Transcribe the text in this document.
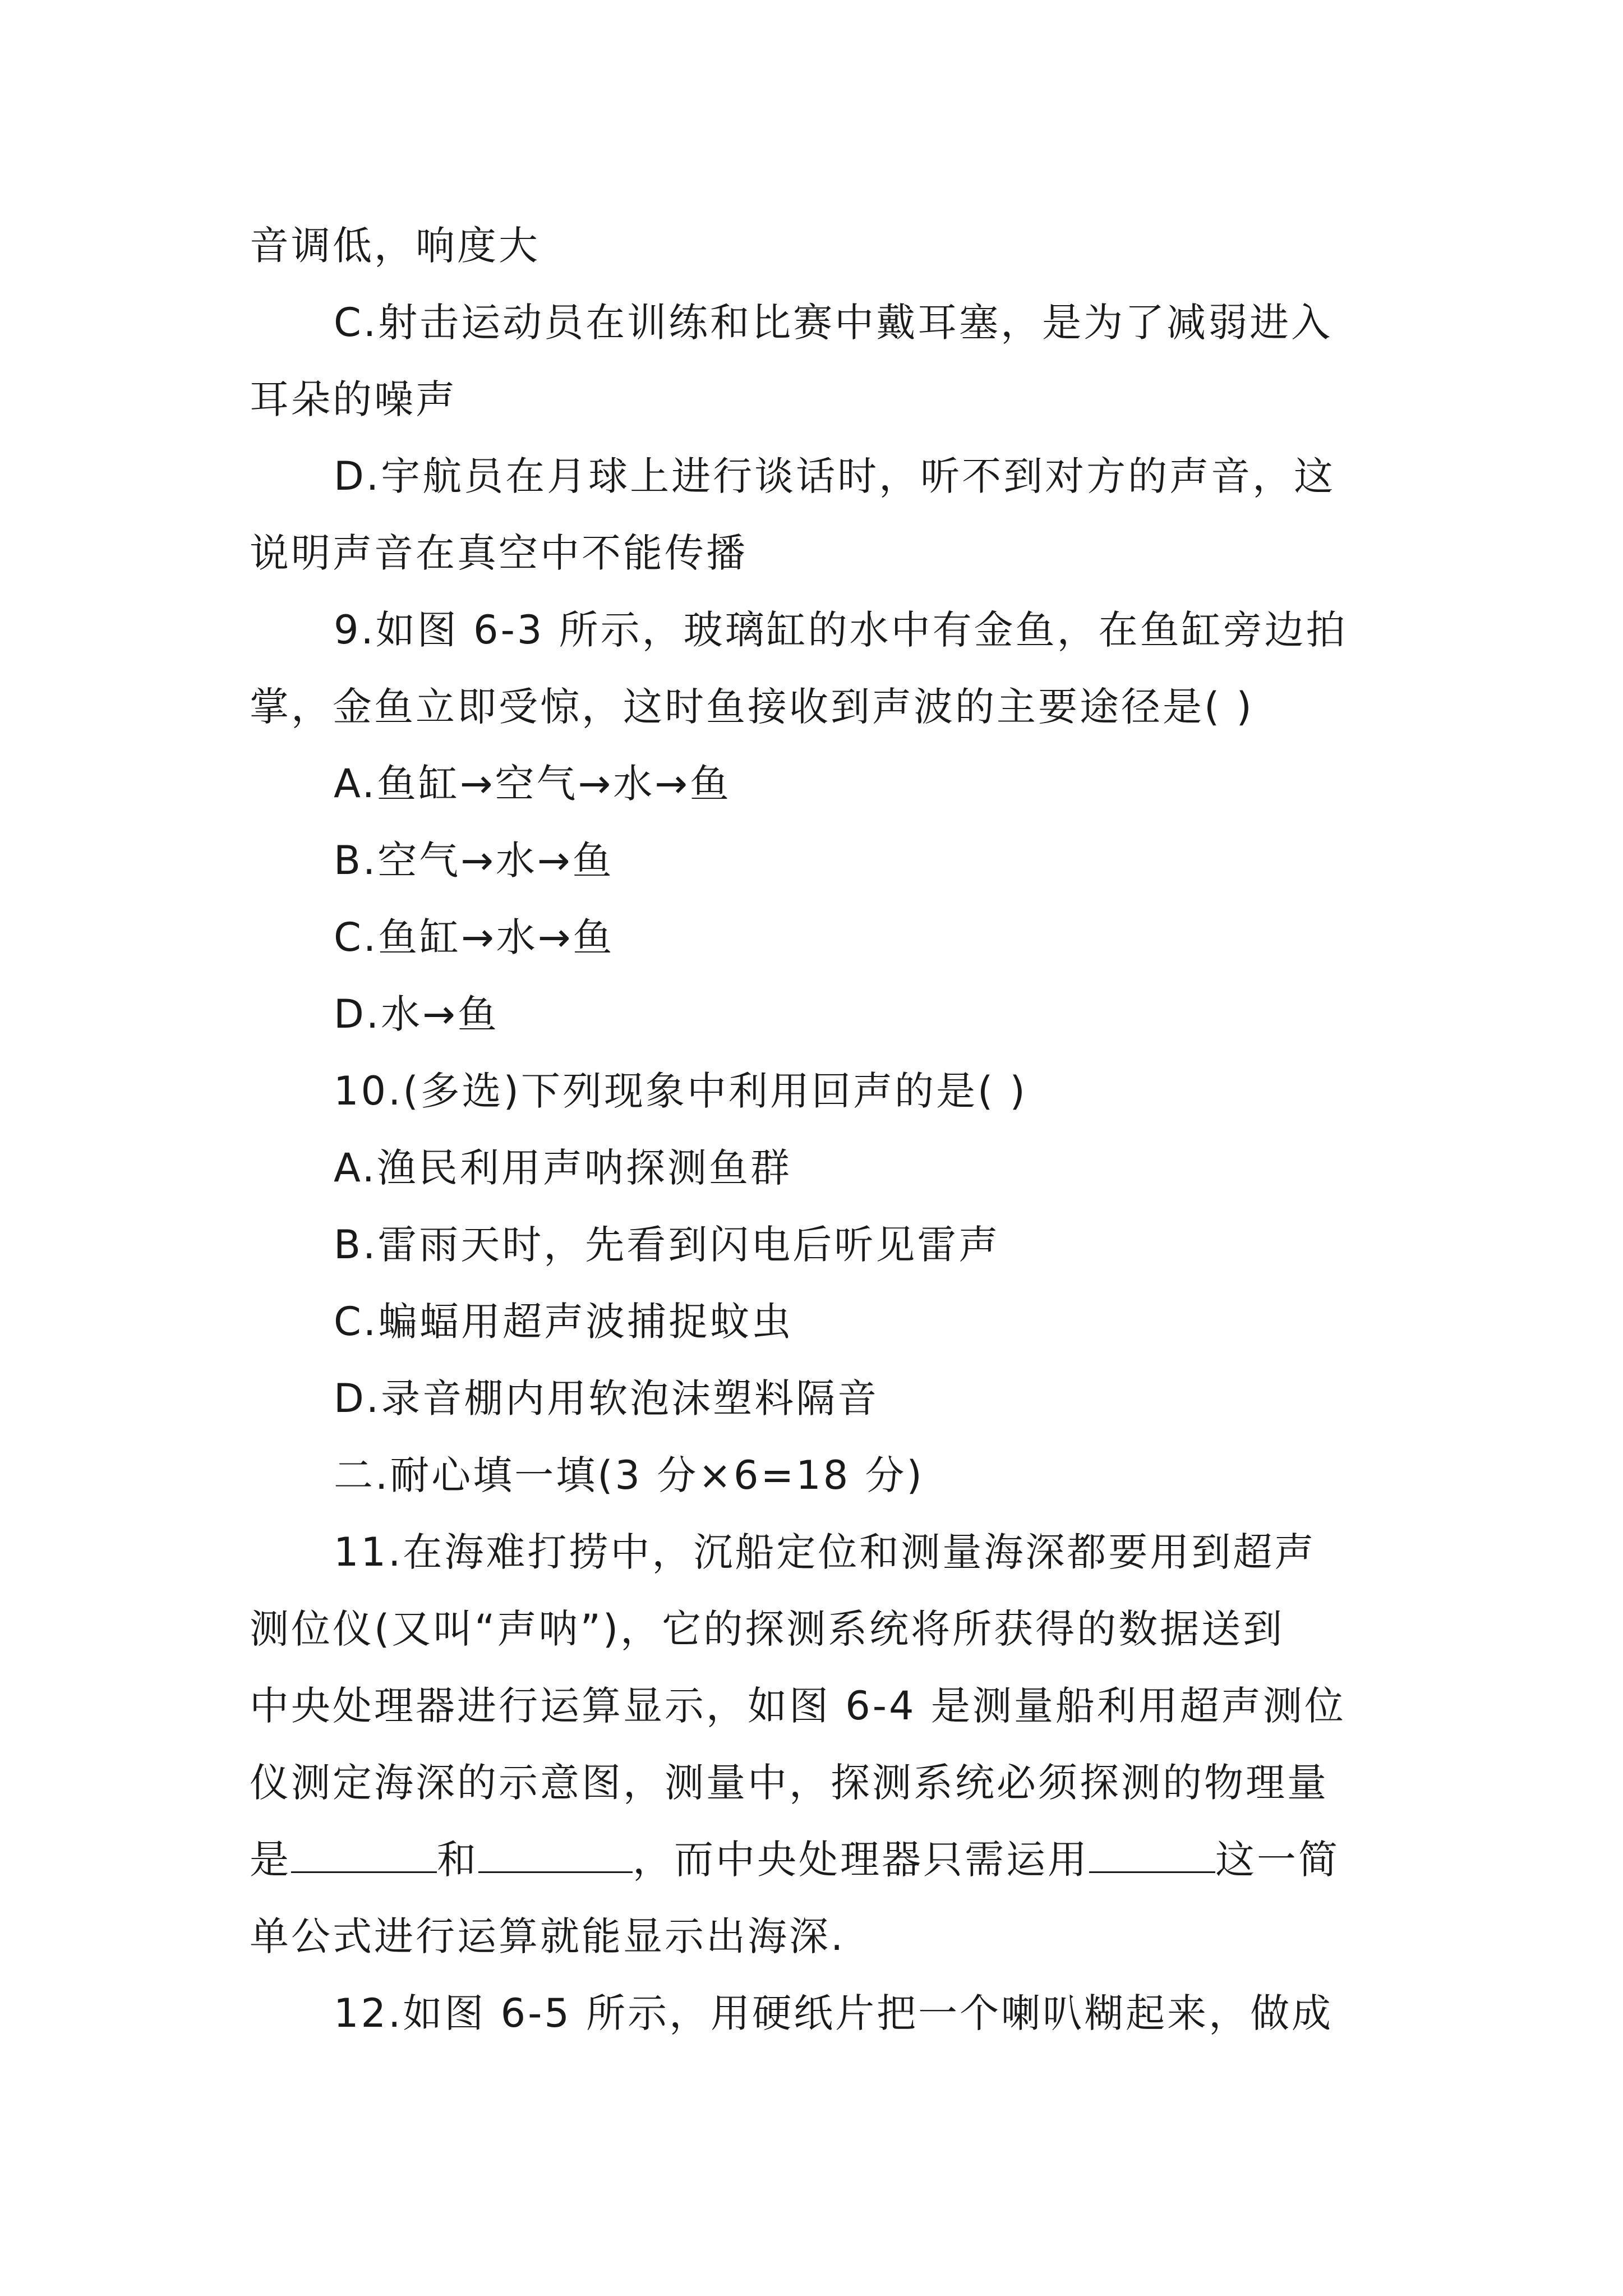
音调低，响度大
C.射击运动员在训练和比赛中戴耳塞，是为了减弱进入
耳朵的噪声
D.宇航员在月球上进行谈话时，听不到对方的声音，这
说明声音在真空中不能传播
9.如图 6-3 所示，玻璃缸的水中有金鱼，在鱼缸旁边拍
掌，金鱼立即受惊，这时鱼接收到声波的主要途径是( )
A.鱼缸→空气→水→鱼
B.空气→水→鱼
C.鱼缸→水→鱼
D.水→鱼
10.(多选)下列现象中利用回声的是( )
A.渔民利用声呐探测鱼群
B.雷雨天时，先看到闪电后听见雷声
C.蝙蝠用超声波捕捉蚊虫
D.录音棚内用软泡沫塑料隔音
二.耐心填一填(3 分×6=18 分)
11.在海难打捞中，沉船定位和测量海深都要用到超声
测位仪(又叫“声呐”)，它的探测系统将所获得的数据送到
中央处理器进行运算显示，如图 6-4 是测量船利用超声测位
仪测定海深的示意图，测量中，探测系统必须探测的物理量
是	和	，而中央处理器只需运用	这一简
单公式进行运算就能显示出海深.
12.如图 6-5 所示，用硬纸片把一个喇叭糊起来，做成
